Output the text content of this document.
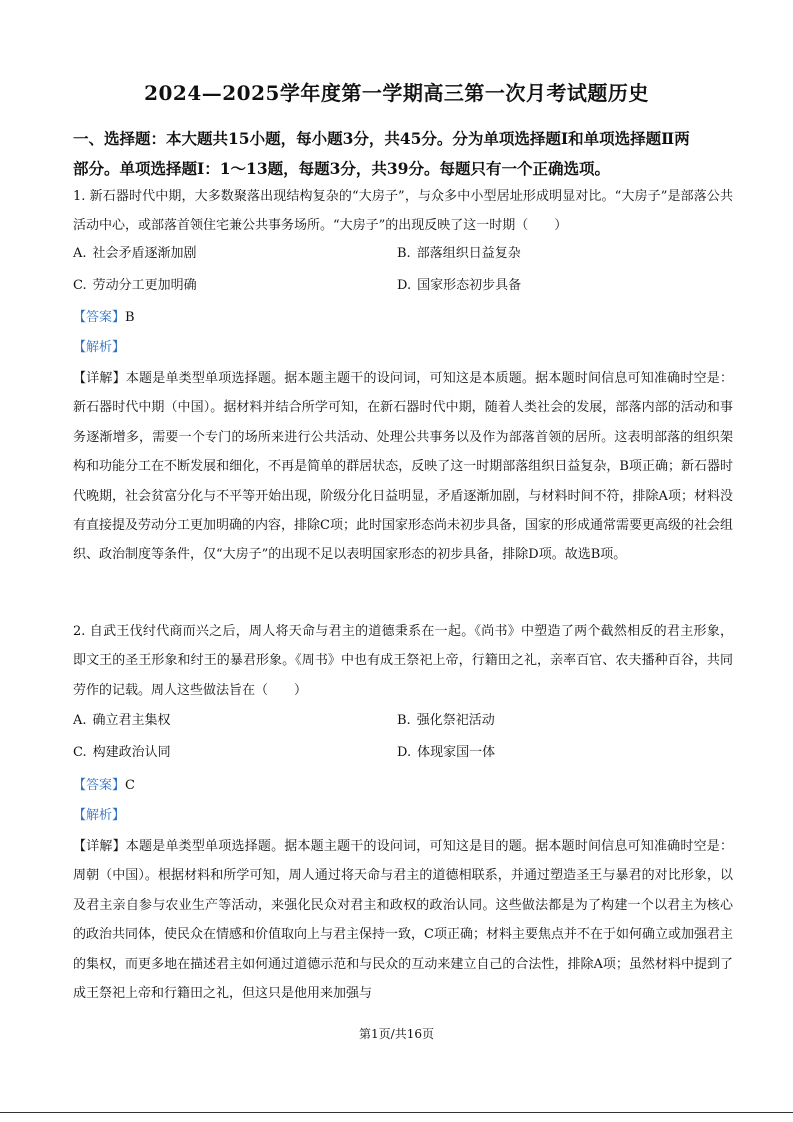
2024—2025学年度第一学期高三第一次月考试题历史
一、选择题：本大题共15小题，每小题3分，共45分。分为单项选择题Ⅰ和单项选择题Ⅱ两
部分。单项选择题Ⅰ：1～13题，每题3分，共39分。每题只有一个正确选项。
1. 新石器时代中期，大多数聚落出现结构复杂的“大房子”，与众多中小型居址形成明显对比。“大房子”是部落公共活动中心，或部落首领住宅兼公共事务场所。“大房子”的出现反映了这一时期（　　）
A. 社会矛盾逐渐加剧	B. 部落组织日益复杂
C. 劳动分工更加明确	D. 国家形态初步具备
【答案】B
【解析】
【详解】本题是单类型单项选择题。据本题主题干的设问词，可知这是本质题。据本题时间信息可知准确时空是：新石器时代中期（中国）。据材料并结合所学可知，在新石器时代中期，随着人类社会的发展，部落内部的活动和事务逐渐增多，需要一个专门的场所来进行公共活动、处理公共事务以及作为部落首领的居所。这表明部落的组织架构和功能分工在不断发展和细化，不再是简单的群居状态，反映了这一时期部落组织日益复杂，B项正确；新石器时代晚期，社会贫富分化与不平等开始出现，阶级分化日益明显，矛盾逐渐加剧，与材料时间不符，排除A项；材料没有直接提及劳动分工更加明确的内容，排除C项；此时国家形态尚未初步具备，国家的形成通常需要更高级的社会组织、政治制度等条件，仅“大房子”的出现不足以表明国家形态的初步具备，排除D项。故选B项。
2. 自武王伐纣代商而兴之后，周人将天命与君主的道德秉系在一起。《尚书》中塑造了两个截然相反的君主形象，即文王的圣王形象和纣王的暴君形象。《周书》中也有成王祭祀上帝，行籍田之礼，亲率百官、农夫播种百谷，共同劳作的记载。周人这些做法旨在（　　）
A. 确立君主集权	B. 强化祭祀活动
C. 构建政治认同	D. 体现家国一体
【答案】C
【解析】
【详解】本题是单类型单项选择题。据本题主题干的设问词，可知这是目的题。据本题时间信息可知准确时空是：周朝（中国）。根据材料和所学可知，周人通过将天命与君主的道德相联系，并通过塑造圣王与暴君的对比形象，以及君主亲自参与农业生产等活动，来强化民众对君主和政权的政治认同。这些做法都是为了构建一个以君主为核心的政治共同体，使民众在情感和价值取向上与君主保持一致，C项正确；材料主要焦点并不在于如何确立或加强君主的集权，而更多地在描述君主如何通过道德示范和与民众的互动来建立自己的合法性，排除A项；虽然材料中提到了成王祭祀上帝和行籍田之礼，但这只是他用来加强与
第1页/共16页
